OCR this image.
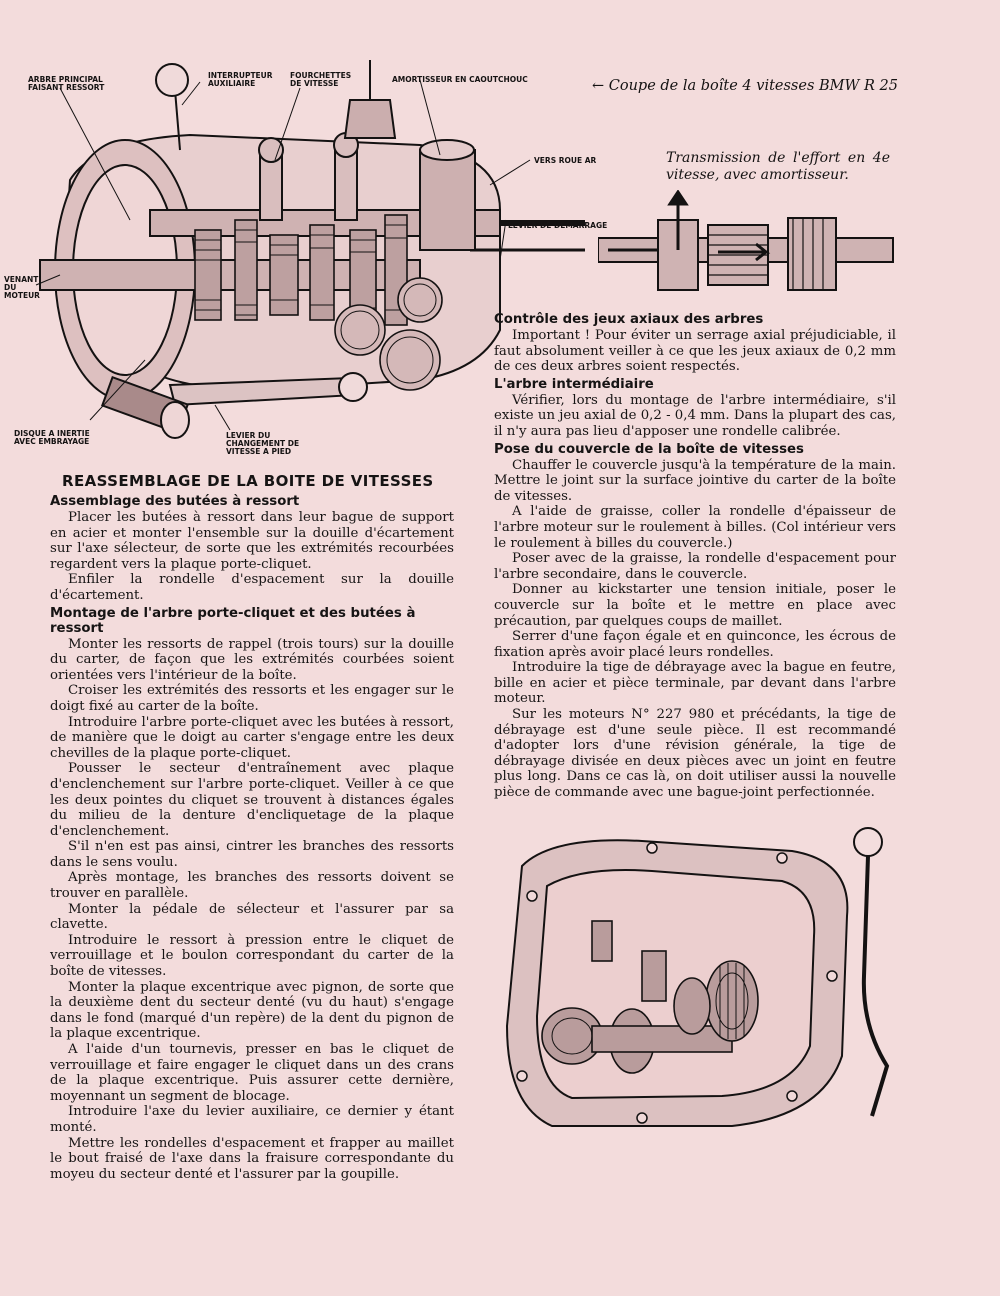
ARBRE PRINCIPAL FAISANT RESSORT
INTERRUPTEUR AUXILIAIRE
FOURCHETTES DE VITESSE	AMORTISSEUR EN CAOUTCHOUC
VERS ROUE AR
LEVIER DE DEMARRAGE
VENANT DU MOTEUR
DISQUE A INERTIE AVEC EMBRAYAGE
LEVIER DU CHANGEMENT DE VITESSE A PIED
← Coupe de la boîte 4 vitesses BMW R 25
Transmission de l'effort en 4e vitesse, avec amortisseur.
REASSEMBLAGE DE LA BOITE DE VITESSES
Assemblage des butées à ressort

Placer les butées à ressort dans leur bague de support en acier et monter l'ensemble sur la douille d'écartement sur l'axe sélecteur, de sorte que les extrémités recourbées regardent vers la plaque porte-cliquet.

Enfiler la rondelle d'espacement sur la douille d'écartement.

Montage de l'arbre porte-cliquet et des butées à ressort

Monter les ressorts de rappel (trois tours) sur la douille du carter, de façon que les extrémités courbées soient orientées vers l'intérieur de la boîte.

Croiser les extrémités des ressorts et les engager sur le doigt fixé au carter de la boîte.

Introduire l'arbre porte-cliquet avec les butées à ressort, de manière que le doigt au carter s'engage entre les deux chevilles de la plaque porte-cliquet.

Pousser le secteur d'entraînement avec plaque d'enclenchement sur l'arbre porte-cliquet. Veiller à ce que les deux pointes du cliquet se trouvent à distances égales du milieu de la denture d'encliquetage de la plaque d'enclenchement.

S'il n'en est pas ainsi, cintrer les branches des ressorts dans le sens voulu.

Après montage, les branches des ressorts doivent se trouver en parallèle.

Monter la pédale de sélecteur et l'assurer par sa clavette.

Introduire le ressort à pression entre le cliquet de verrouillage et le boulon correspondant du carter de la boîte de vitesses.

Monter la plaque excentrique avec pignon, de sorte que la deuxième dent du secteur denté (vu du haut) s'engage dans le fond (marqué d'un repère) de la dent du pignon de la plaque excentrique.

A l'aide d'un tournevis, presser en bas le cliquet de verrouillage et faire engager le cliquet dans un des crans de la plaque excentrique. Puis assurer cette dernière, moyennant un segment de blocage.

Introduire l'axe du levier auxiliaire, ce dernier y étant monté.

Mettre les rondelles d'espacement et frapper au maillet le bout fraisé de l'axe dans la fraisure correspondante du moyeu du secteur denté et l'assurer par la goupille.

Contrôle des jeux axiaux des arbres

Important ! Pour éviter un serrage axial préjudiciable, il faut absolument veiller à ce que les jeux axiaux de 0,2 mm de ces deux arbres soient respectés.

L'arbre intermédiaire

Vérifier, lors du montage de l'arbre intermédiaire, s'il existe un jeu axial de 0,2 - 0,4 mm. Dans la plupart des cas, il n'y aura pas lieu d'apposer une rondelle calibrée.

Pose du couvercle de la boîte de vitesses

Chauffer le couvercle jusqu'à la température de la main. Mettre le joint sur la surface jointive du carter de la boîte de vitesses.

A l'aide de graisse, coller la rondelle d'épaisseur de l'arbre moteur sur le roulement à billes. (Col intérieur vers le roulement à billes du couvercle.)

Poser avec de la graisse, la rondelle d'espacement pour l'arbre secondaire, dans le couvercle.

Donner au kickstarter une tension initiale, poser le couvercle sur la boîte et le mettre en place avec précaution, par quelques coups de maillet.

Serrer d'une façon égale et en quinconce, les écrous de fixation après avoir placé leurs rondelles.

Introduire la tige de débrayage avec la bague en feutre, bille en acier et pièce terminale, par devant dans l'arbre moteur.

Sur les moteurs N° 227 980 et précédants, la tige de débrayage est d'une seule pièce. Il est recommandé d'adopter lors d'une révision générale, la tige de débrayage divisée en deux pièces avec un joint en feutre plus long. Dans ce cas là, on doit utiliser aussi la nouvelle pièce de commande avec une bague-joint perfectionnée.
